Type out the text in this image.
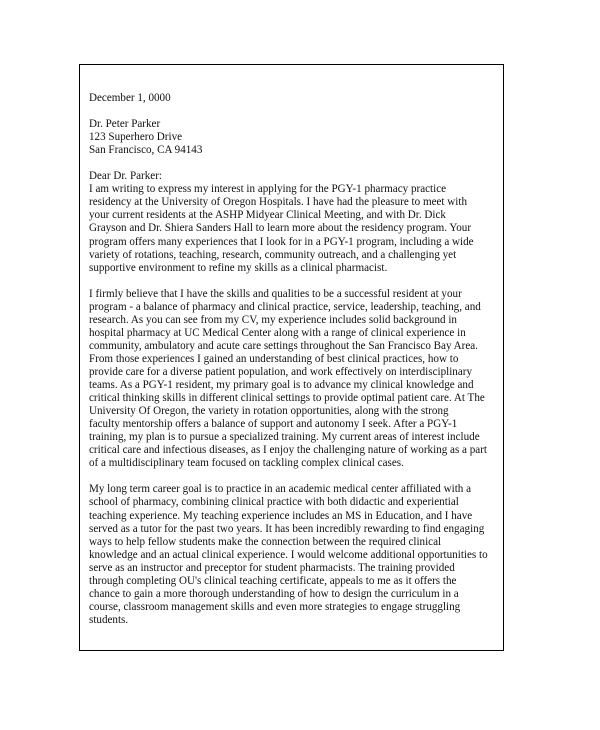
December 1, 0000
Dr. Peter Parker
123 Superhero Drive
San Francisco, CA 94143
Dear Dr. Parker:
I am writing to express my interest in applying for the PGY-1 pharmacy practice
residency at the University of Oregon Hospitals. I have had the pleasure to meet with
your current residents at the ASHP Midyear Clinical Meeting, and with Dr. Dick
Grayson and Dr. Shiera Sanders Hall to learn more about the residency program. Your
program offers many experiences that I look for in a PGY-1 program, including a wide
variety of rotations, teaching, research, community outreach, and a challenging yet
supportive environment to refine my skills as a clinical pharmacist.
I firmly believe that I have the skills and qualities to be a successful resident at your
program - a balance of pharmacy and clinical practice, service, leadership, teaching, and
research. As you can see from my CV, my experience includes solid background in
hospital pharmacy at UC Medical Center along with a range of clinical experience in
community, ambulatory and acute care settings throughout the San Francisco Bay Area.
From those experiences I gained an understanding of best clinical practices, how to
provide care for a diverse patient population, and work effectively on interdisciplinary
teams. As a PGY-1 resident, my primary goal is to advance my clinical knowledge and
critical thinking skills in different clinical settings to provide optimal patient care. At The
University Of Oregon, the variety in rotation opportunities, along with the strong
faculty mentorship offers a balance of support and autonomy I seek. After a PGY-1
training, my plan is to pursue a specialized training. My current areas of interest include
critical care and infectious diseases, as I enjoy the challenging nature of working as a part
of a multidisciplinary team focused on tackling complex clinical cases.
My long term career goal is to practice in an academic medical center affiliated with a
school of pharmacy, combining clinical practice with both didactic and experiential
teaching experience. My teaching experience includes an MS in Education, and I have
served as a tutor for the past two years. It has been incredibly rewarding to find engaging
ways to help fellow students make the connection between the required clinical
knowledge and an actual clinical experience. I would welcome additional opportunities to
serve as an instructor and preceptor for student pharmacists. The training provided
through completing OU's clinical teaching certificate, appeals to me as it offers the
chance to gain a more thorough understanding of how to design the curriculum in a
course, classroom management skills and even more strategies to engage struggling
students.
